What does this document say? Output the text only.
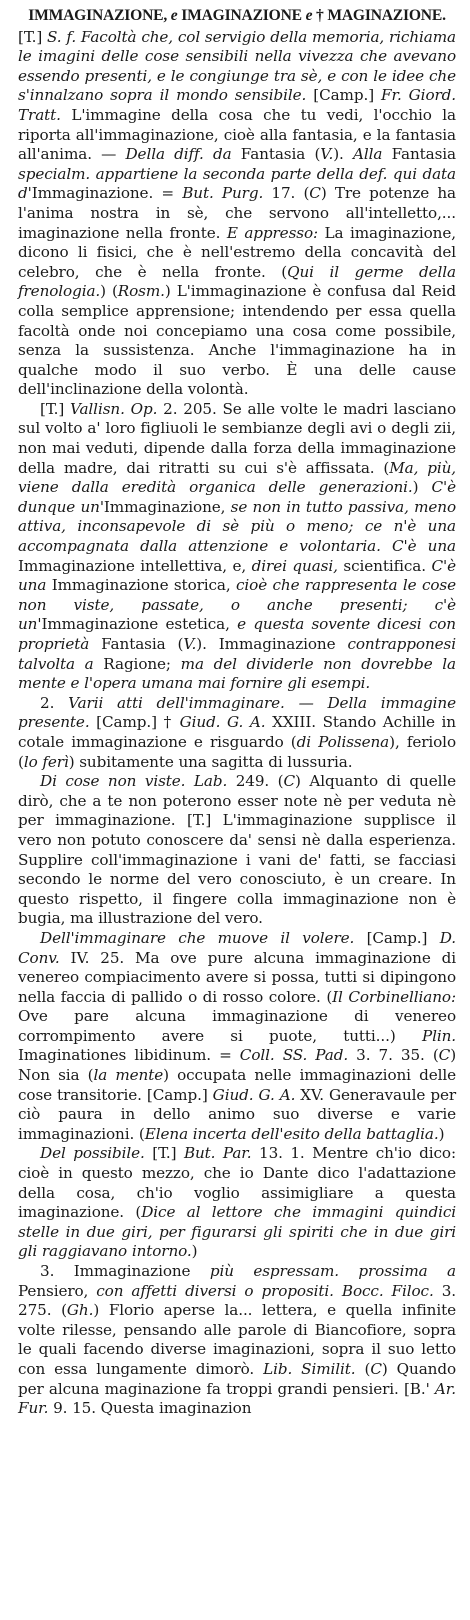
IMMAGINAZIONE, e IMAGINAZIONE e † MAGINAZIONE.

[T.] S. f. Facoltà che, col servigio della memoria, richiama le imagini delle cose sensibili nella vivezza che avevano essendo presenti, e le congiunge tra sè, e con le idee che s'innalzano sopra il mondo sensibile. [Camp.] Fr. Giord. Tratt. L'immagine della cosa che tu vedi, l'occhio la riporta all'immaginazione, cioè alla fantasia, e la fantasia all'anima. — Della diff. da Fantasia (V.). Alla Fantasia specialm. appartiene la seconda parte della def. qui data d'Immaginazione. = But. Purg. 17. (C) Tre potenze ha l'anima nostra in sè, che servono all'intelletto,... imaginazione nella fronte. E appresso: La imaginazione, dicono li fisici, che è nell'estremo della concavità del celebro, che è nella fronte. (Qui il germe della frenologia.) (Rosm.) L'immaginazione è confusa dal Reid colla semplice apprensione; intendendo per essa quella facoltà onde noi concepiamo una cosa come possibile, senza la sussistenza. Anche l'immaginazione ha in qualche modo il suo verbo. È una delle cause dell'inclinazione della volontà.

[T.] Vallisn. Op. 2. 205. Se alle volte le madri lasciano sul volto a' loro figliuoli le sembianze degli avi o degli zii, non mai veduti, dipende dalla forza della immaginazione della madre, dai ritratti su cui s'è affissata. (Ma, più, viene dalla eredità organica delle generazioni.) C'è dunque un'Immaginazione, se non in tutto passiva, meno attiva, inconsapevole di sè più o meno; ce n'è una accompagnata dalla attenzione e volontaria. C'è una Immaginazione intellettiva, e, direi quasi, scientifica. C'è una Immaginazione storica, cioè che rappresenta le cose non viste, passate, o anche presenti; c'è un'Immaginazione estetica, e questa sovente dicesi con proprietà Fantasia (V.). Immaginazione contrapponesi talvolta a Ragione; ma del dividerle non dovrebbe la mente e l'opera umana mai fornire gli esempi.

2. Varii atti dell'immaginare. — Della immagine presente. [Camp.] † Giud. G. A. XXIII. Stando Achille in cotale immaginazione e risguardo (di Polissena), feriolo (lo ferì) subitamente una sagitta di lussuria.

Di cose non viste. Lab. 249. (C) Alquanto di quelle dirò, che a te non poterono esser note nè per veduta nè per immaginazione. [T.] L'immaginazione supplisce il vero non potuto conoscere da' sensi nè dalla esperienza. Supplire coll'immaginazione i vani de' fatti, se facciasi secondo le norme del vero conosciuto, è un creare. In questo rispetto, il fingere colla immaginazione non è bugia, ma illustrazione del vero.

Dell'immaginare che muove il volere. [Camp.] D. Conv. IV. 25. Ma ove pure alcuna immaginazione di venereo compiacimento avere si possa, tutti si dipingono nella faccia di pallido o di rosso colore. (Il Corbinelliano: Ove pare alcuna immaginazione di venereo corrompimento avere si puote, tutti...) Plin. Imaginationes libidinum. = Coll. SS. Pad. 3. 7. 35. (C) Non sia (la mente) occupata nelle immaginazioni delle cose transitorie. [Camp.] Giud. G. A. XV. Generavaule per ciò paura in dello animo suo diverse e varie immaginazioni. (Elena incerta dell'esito della battaglia.)

Del possibile. [T.] But. Par. 13. 1. Mentre ch'io dico: cioè in questo mezzo, che io Dante dico l'adattazione della cosa, ch'io voglio assimigliare a questa imaginazione. (Dice al lettore che immagini quindici stelle in due giri, per figurarsi gli spiriti che in due giri gli raggiavano intorno.)

3. Immaginazione più espressam. prossima a Pensiero, con affetti diversi o propositi. Bocc. Filoc. 3. 275. (Gh.) Florio aperse la... lettera, e quella infinite volte rilesse, pensando alle parole di Biancofiore, sopra le quali facendo diverse imaginazioni, sopra il suo letto con essa lungamente dimorò. Lib. Similit. (C) Quando per alcuna maginazione fa troppi grandi pensieri. [B.' Ar. Fur. 9. 15. Questa imaginazion
